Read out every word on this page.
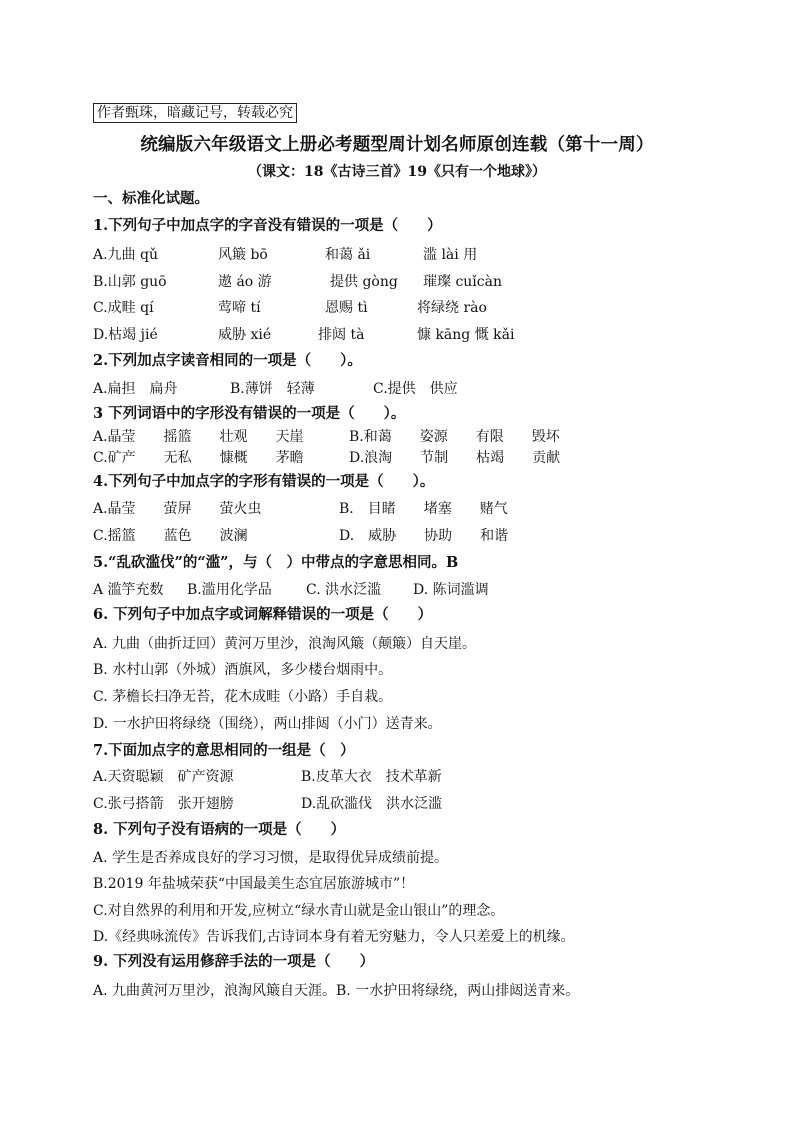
作者甄珠，暗藏记号，转载必究
统编版六年级语文上册必考题型周计划名师原创连载（第十一周）
（课文：18《古诗三首》19《只有一个地球》）
一、标准化试题。
1.下列句子中加点字的字音没有错误的一项是（　　）
A.九曲 qǔ	风簸 bō	和蔼 ǎi	滥 lài 用
B.山郭 guō	遨 áo 游	提供 gòng 璀璨 cuǐcàn
C.成畦 qí	莺啼 tí	恩赐 tì	将绿绕 rào
D.枯竭 jié	威胁 xié	排闼 tà	慷 kāng 慨 kǎi
2.下列加点字读音相同的一项是（　　）。
A.扁担　扁舟	B.薄饼　轻薄	C.提供　供应
3 下列词语中的字形没有错误的一项是（　　）。
A.晶莹　　摇篮　　壮观　　天崖	B.和蔼　　姿源　　有限　　毁坏
C.矿产　　无私　　慷概　　茅瞻	D.浪淘　　节制　　枯竭　　贡献
4.下列句子中加点字的字形有错误的一项是（　　）。
A.晶莹　　萤屏　　萤火虫	B.　目睹　　堵塞　　赌气
C.摇篮　　蓝色　　波澜	D.　威胁　　协助　　和谐
5.“乱砍滥伐”的“滥”，与（　）中带点的字意思相同。B
A 滥竽充数 B.滥用化学品 C. 洪水泛滥 D. 陈词滥调
6. 下列句子中加点字或词解释错误的一项是（　　）
A. 九曲（曲折迂回）黄河万里沙，浪淘风簸（颠簸）自天崖。
B. 水村山郭（外城）酒旗风，多少楼台烟雨中。
C. 茅檐长扫净无苔，花木成畦（小路）手自栽。
D. 一水护田将绿绕（围绕），两山排闼（小门）送青来。
7.下面加点字的意思相同的一组是（　）
A.天资聪颖　矿产资源	B.皮革大衣　技术革新
C.张弓搭箭　张开翅膀	D.乱砍滥伐　洪水泛滥
8. 下列句子没有语病的一项是（　　）
A. 学生是否养成良好的学习习惯，是取得优异成绩前提。
B.2019 年盐城荣获“中国最美生态宜居旅游城市”！
C.对自然界的利用和开发,应树立“绿水青山就是金山银山”的理念。
D.《经典咏流传》告诉我们,古诗词本身有着无穷魅力，令人只差爱上的机缘。
9. 下列没有运用修辞手法的一项是（　　）
A. 九曲黄河万里沙，浪淘风簸自天涯。B. 一水护田将绿绕，两山排闼送青来。
